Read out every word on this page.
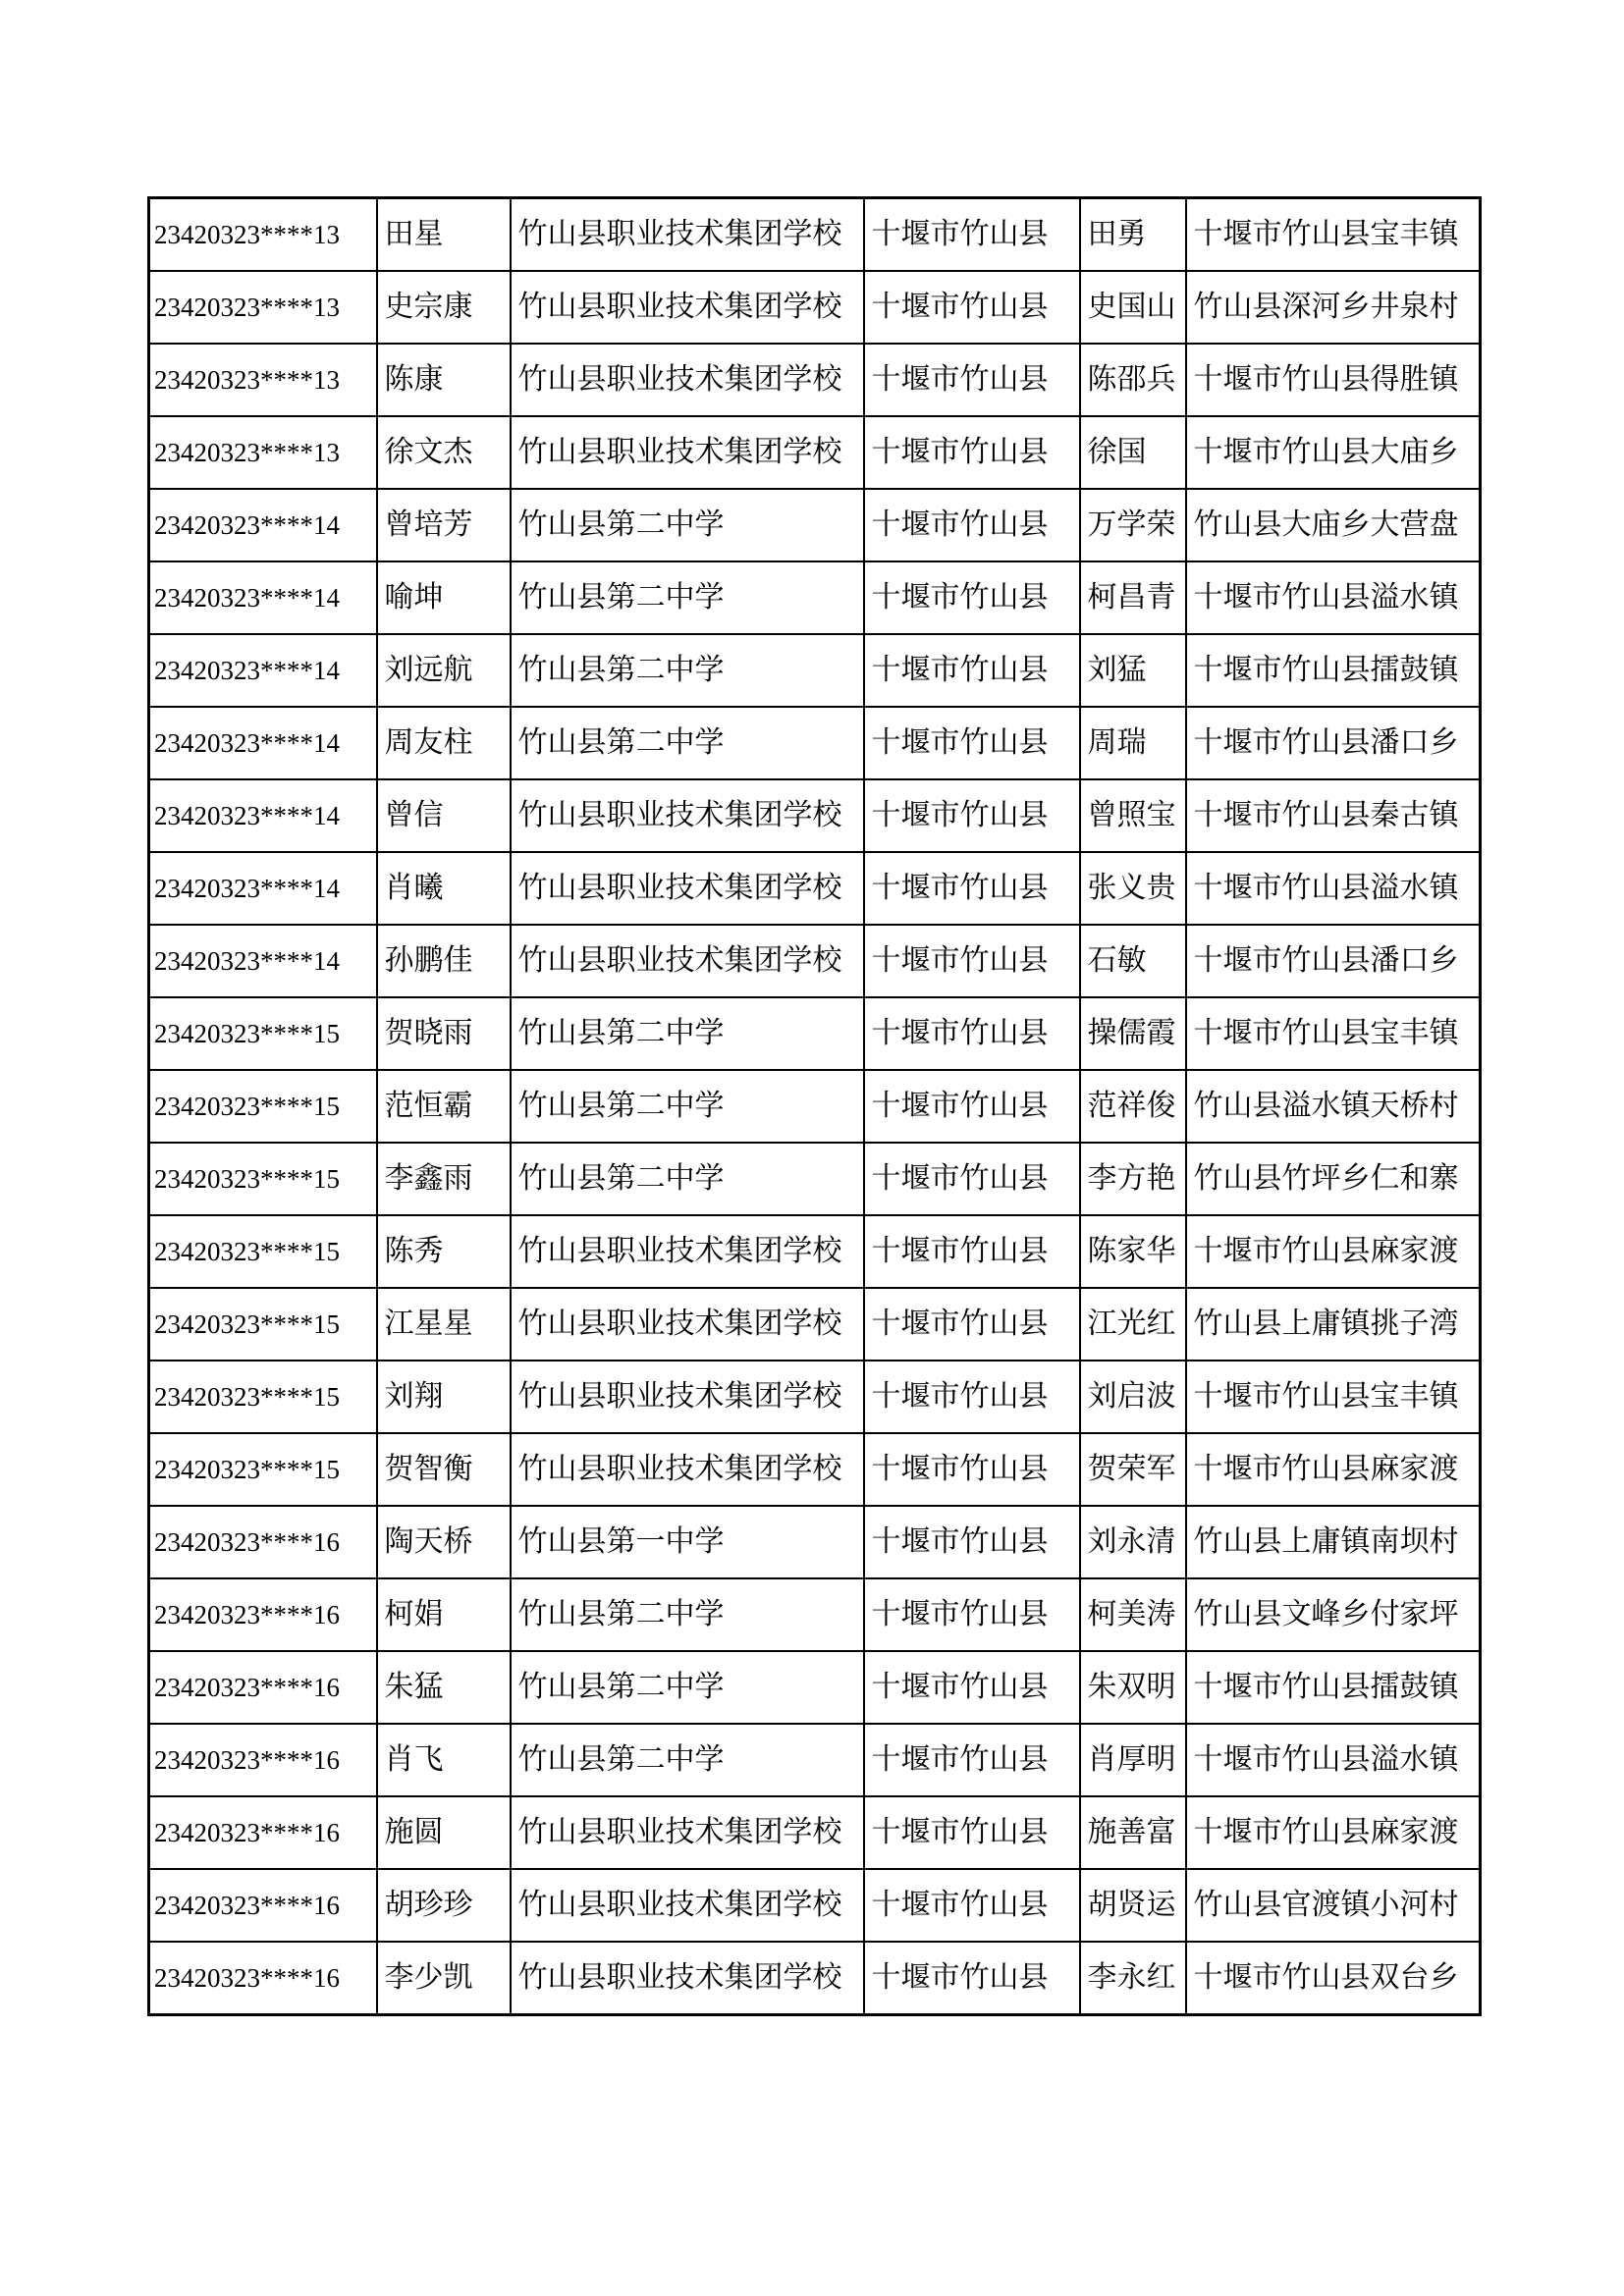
23420323****13	田星	竹山县职业技术集团学校	十堰市竹山县	田勇	十堰市竹山县宝丰镇
23420323****13	史宗康	竹山县职业技术集团学校	十堰市竹山县	史国山	竹山县深河乡井泉村
23420323****13	陈康	竹山县职业技术集团学校	十堰市竹山县	陈邵兵	十堰市竹山县得胜镇
23420323****13	徐文杰	竹山县职业技术集团学校	十堰市竹山县	徐国	十堰市竹山县大庙乡
23420323****14	曾培芳	竹山县第二中学	十堰市竹山县	万学荣	竹山县大庙乡大营盘
23420323****14	喻坤	竹山县第二中学	十堰市竹山县	柯昌青	十堰市竹山县溢水镇
23420323****14	刘远航	竹山县第二中学	十堰市竹山县	刘猛	十堰市竹山县擂鼓镇
23420323****14	周友柱	竹山县第二中学	十堰市竹山县	周瑞	十堰市竹山县潘口乡
23420323****14	曾信	竹山县职业技术集团学校	十堰市竹山县	曾照宝	十堰市竹山县秦古镇
23420323****14	肖曦	竹山县职业技术集团学校	十堰市竹山县	张义贵	十堰市竹山县溢水镇
23420323****14	孙鹏佳	竹山县职业技术集团学校	十堰市竹山县	石敏	十堰市竹山县潘口乡
23420323****15	贺晓雨	竹山县第二中学	十堰市竹山县	操儒霞	十堰市竹山县宝丰镇
23420323****15	范恒霸	竹山县第二中学	十堰市竹山县	范祥俊	竹山县溢水镇天桥村
23420323****15	李鑫雨	竹山县第二中学	十堰市竹山县	李方艳	竹山县竹坪乡仁和寨
23420323****15	陈秀	竹山县职业技术集团学校	十堰市竹山县	陈家华	十堰市竹山县麻家渡
23420323****15	江星星	竹山县职业技术集团学校	十堰市竹山县	江光红	竹山县上庸镇挑子湾
23420323****15	刘翔	竹山县职业技术集团学校	十堰市竹山县	刘启波	十堰市竹山县宝丰镇
23420323****15	贺智衡	竹山县职业技术集团学校	十堰市竹山县	贺荣军	十堰市竹山县麻家渡
23420323****16	陶天桥	竹山县第一中学	十堰市竹山县	刘永清	竹山县上庸镇南坝村
23420323****16	柯娟	竹山县第二中学	十堰市竹山县	柯美涛	竹山县文峰乡付家坪
23420323****16	朱猛	竹山县第二中学	十堰市竹山县	朱双明	十堰市竹山县擂鼓镇
23420323****16	肖飞	竹山县第二中学	十堰市竹山县	肖厚明	十堰市竹山县溢水镇
23420323****16	施圆	竹山县职业技术集团学校	十堰市竹山县	施善富	十堰市竹山县麻家渡
23420323****16	胡珍珍	竹山县职业技术集团学校	十堰市竹山县	胡贤运	竹山县官渡镇小河村
23420323****16	李少凯	竹山县职业技术集团学校	十堰市竹山县	李永红	十堰市竹山县双台乡
